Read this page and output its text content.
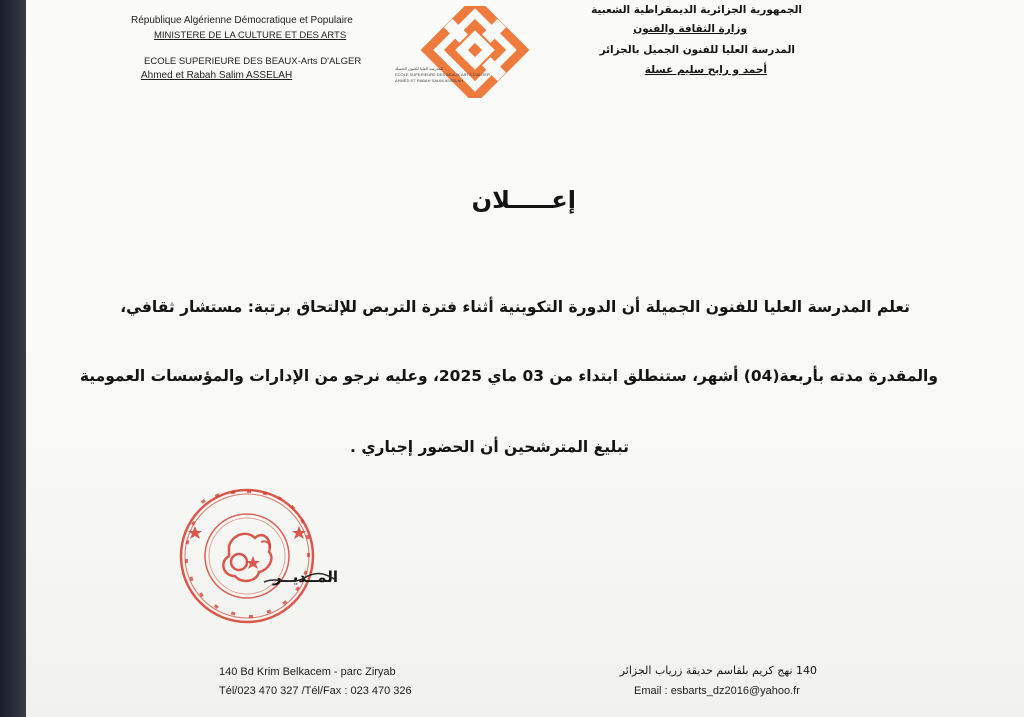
République Algérienne Démocratique et Populaire
MINISTERE DE LA CULTURE ET DES ARTS
ECOLE SUPERIEURE DES BEAUX-Arts D'ALGER
Ahmed et Rabah Salim ASSELAH
الجمهورية الجزائرية الديمقراطية الشعبية
وزارة الثقافة والفنون
المدرسة العليا للفنون الجميل بالجزائر
أحمد و رابح سليم عسلة
المدرسة العليا للفنون الجميلة
ECOLE SUPERIEURE DES BEAUX-ARTS D'ALGER
AHMED ET RABAH SALIM ASSELAH
إعـــــلان
تعلم المدرسة العليا للفنون الجميلة أن الدورة التكوينية أثناء فترة التربص للإلتحاق برتبة: مستشار ثقافي،
والمقدرة مدته بأربعة(04) أشهر، ستنطلق ابتداء من 03 ماي 2025، وعليه نرجو من الإدارات والمؤسسات العمومية
تبليغ المترشحين أن الحضور إجباري .
المــديــر
140 Bd Krim Belkacem - parc Ziryab
Tél/023 470 327 /Tél/Fax : 023 470 326
140 نهج كريم بلقاسم حديقة زرياب الجزائر
Email : esbarts_dz2016@yahoo.fr
